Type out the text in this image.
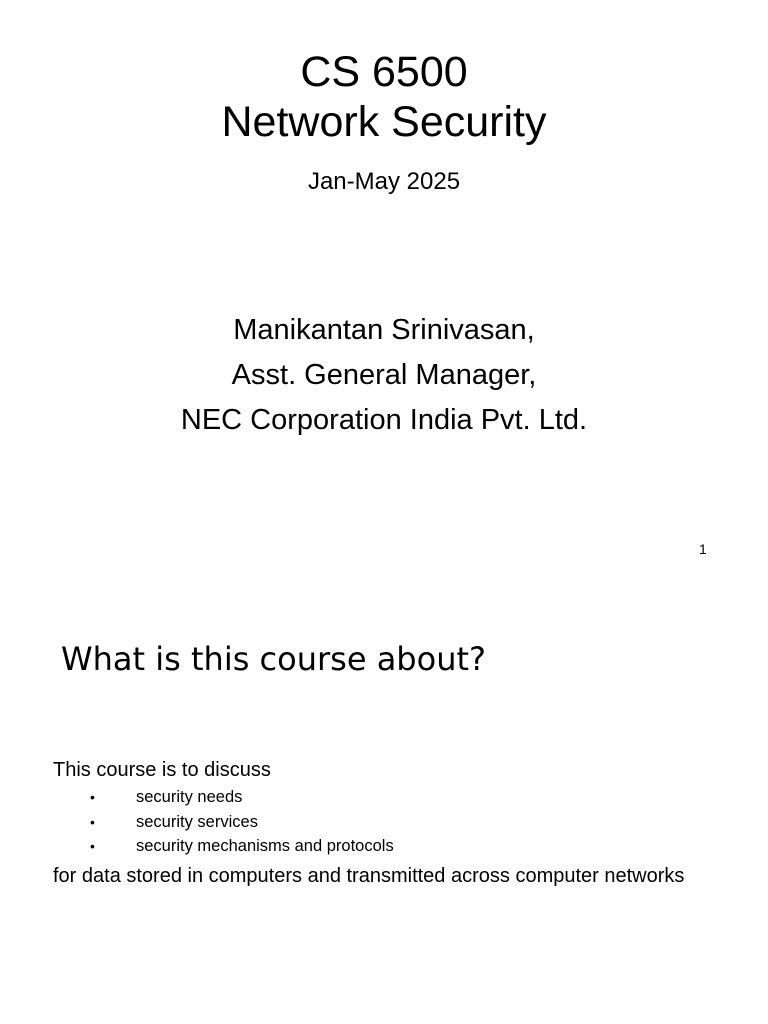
CS 6500
Network Security
Jan-May 2025
Manikantan Srinivasan,
Asst. General Manager,
NEC Corporation India Pvt. Ltd.
1
What is this course about?
This course is to discuss
• security needs
• security services
• security mechanisms and protocols
for data stored in computers and transmitted across computer networks
